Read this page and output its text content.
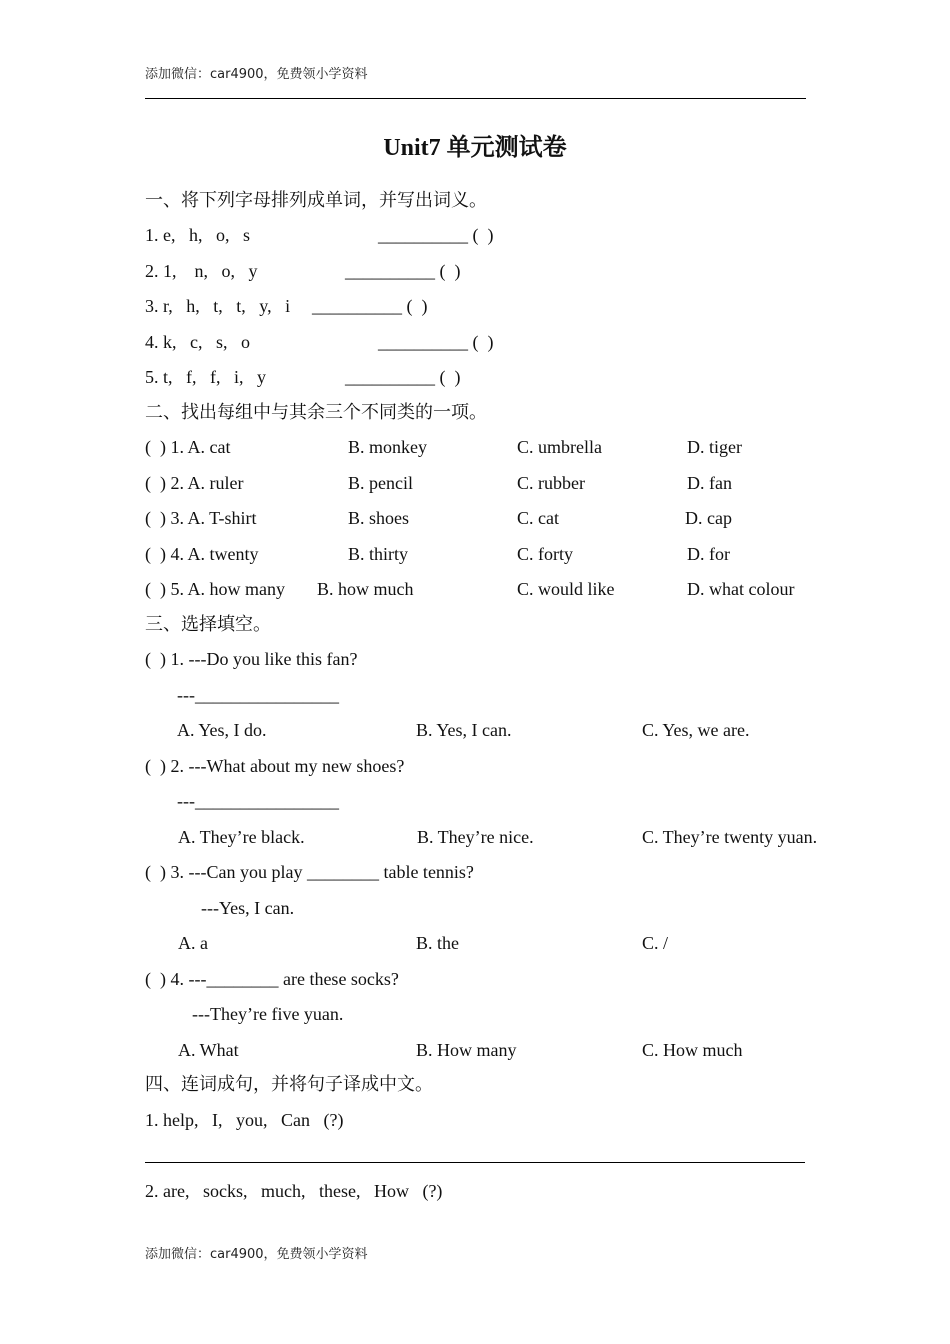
添加微信：car4900，免费领小学资料
Unit7 单元测试卷
一、将下列字母排列成单词，并写出词义。
1. e,   h,   o,   s	__________ (  )
2. 1,    n,   o,   y	__________ (  )
3. r,   h,   t,   t,   y,   i __________ (  )
4. k,   c,   s,   o	__________ (  )
5. t,   f,   f,   i,   y	__________ (  )
二、找出每组中与其余三个不同类的一项。
(  ) 1. A. cat	B. monkey	C. umbrella	D. tiger
(  ) 2. A. ruler	B. pencil	C. rubber	D. fan
(  ) 3. A. T-shirt	B. shoes	C. cat	D. cap
(  ) 4. A. twenty	B. thirty	C. forty	D. for
(  ) 5. A. how many B. how much	C. would like	D. what colour
三、选择填空。
(  ) 1. ---Do you like this fan?
---________________
A. Yes, I do.	B. Yes, I can.	C. Yes, we are.
(  ) 2. ---What about my new shoes?
---________________
A. They’re black.	B. They’re nice.	C. They’re twenty yuan.
(  ) 3. ---Can you play ________ table tennis?
---Yes, I can.
A. a	B. the	C. /
(  ) 4. ---________ are these socks?
---They’re five yuan.
A. What	B. How many	C. How much
四、连词成句，并将句子译成中文。
1. help,   I,   you,   Can   (?)
2. are,   socks,   much,   these,   How   (?)
添加微信：car4900，免费领小学资料
